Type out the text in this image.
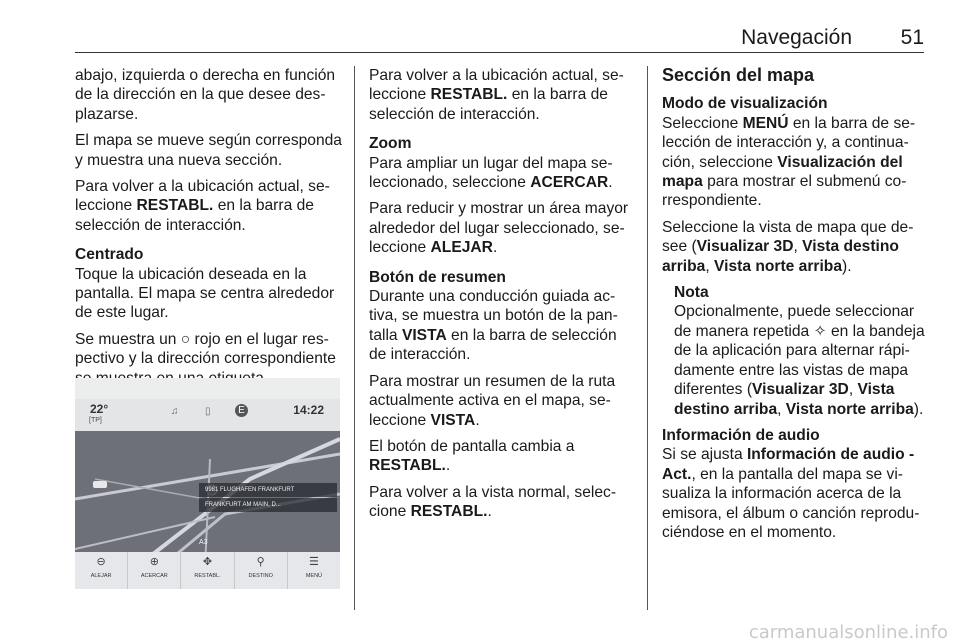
Navegación 51

abajo, izquierda o derecha en función de la dirección en la que desee desplazarse.

El mapa se mueve según corresponda y muestra una nueva sección.

Para volver a la ubicación actual, seleccione RESTABL. en la barra de selección de interacción.

Centrado

Toque la ubicación deseada en la pantalla. El mapa se centra alrededor de este lugar.

Se muestra un ○ rojo en el lugar respectivo y la dirección correspondiente

22°
[TP]
♫	▯	E	14:22
9981 FLUGHAFEN FRANKFURT
FRANKFURT AM MAIN, D...
A3
⊖
ALEJAR
⊕
ACERCAR
✥
RESTABL.
⚲
DESTINO
☰
MENÚ

Para volver a la ubicación actual, seleccione RESTABL. en la barra de selección de interacción.

Zoom

Para ampliar un lugar del mapa seleccionado, seleccione ACERCAR.

Para reducir y mostrar un área mayor alrededor del lugar seleccionado, seleccione ALEJAR.

Botón de resumen

Durante una conducción guiada activa, se muestra un botón de la pantalla VISTA en la barra de selección de interacción.

Para mostrar un resumen de la ruta actualmente activa en el mapa, seleccione VISTA.

El botón de pantalla cambia a RESTABL..

Para volver a la vista normal, seleccione RESTABL..

Sección del mapa
Modo de visualización

Seleccione MENÚ en la barra de selección de interacción y, a continuación, seleccione Visualización del mapa para mostrar el submenú correspondiente.

Seleccione la vista de mapa que desee (Visualizar 3D, Vista destino arriba, Vista norte arriba).

Nota

Opcionalmente, puede seleccionar de manera repetida ✧ en la bandeja de la aplicación para alternar rápidamente entre las vistas de mapa diferentes (Visualizar 3D, Vista destino arriba, Vista norte arriba).

Información de audio

Si se ajusta Información de audio - Act., en la pantalla del mapa se visualiza la información acerca de la emisora, el álbum o canción reproduciéndose en el momento.

carmanualsonline.info
